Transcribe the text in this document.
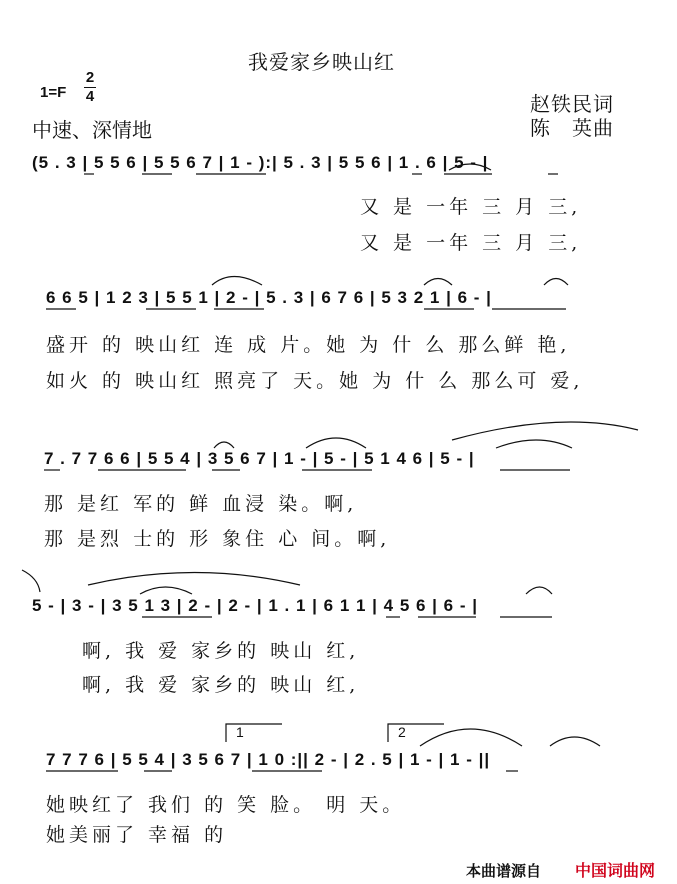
我爱家乡映山红
1=F
2
4
中速、深情地
赵铁民词
陈　英曲
(5 . 3 | 5 5 6 | 5 5 6 7 | 1 - ):| 5 . 3 | 5 5 6 | 1 . 6 | 5 - |
又 是 一年 三 月 三,
又 是 一年 三 月 三,
6 6 5 | 1 2 3 | 5 5 1 | 2 - | 5 . 3 | 6 7 6 | 5 3 2 1 | 6 - |
盛开 的 映山红 连 成 片。她 为 什 么 那么鲜 艳,
如火 的 映山红 照亮了 天。她 为 什 么 那么可 爱,
7 . 7 7 6 6 | 5 5 4 | 3 5 6 7 | 1 - | 5 - | 5 1 4 6 | 5 - |
那 是红 军的 鲜 血浸 染。啊,
那 是烈 士的 形 象住 心 间。啊,
5 - | 3 - | 3 5 1 3 | 2 - | 2 - | 1 . 1 | 6 1 1 | 4 5 6 | 6 - |
啊, 我 爱 家乡的 映山 红,
啊, 我 爱 家乡的 映山 红,
1	2
7 7 7 6 | 5 5 4 | 3 5 6 7 | 1 0 :|| 2 - | 2 . 5 | 1 - | 1 - ||
她映红了 我们 的 笑 脸。 明 天。
她美丽了 幸福 的
本曲谱源自 中国词曲网
